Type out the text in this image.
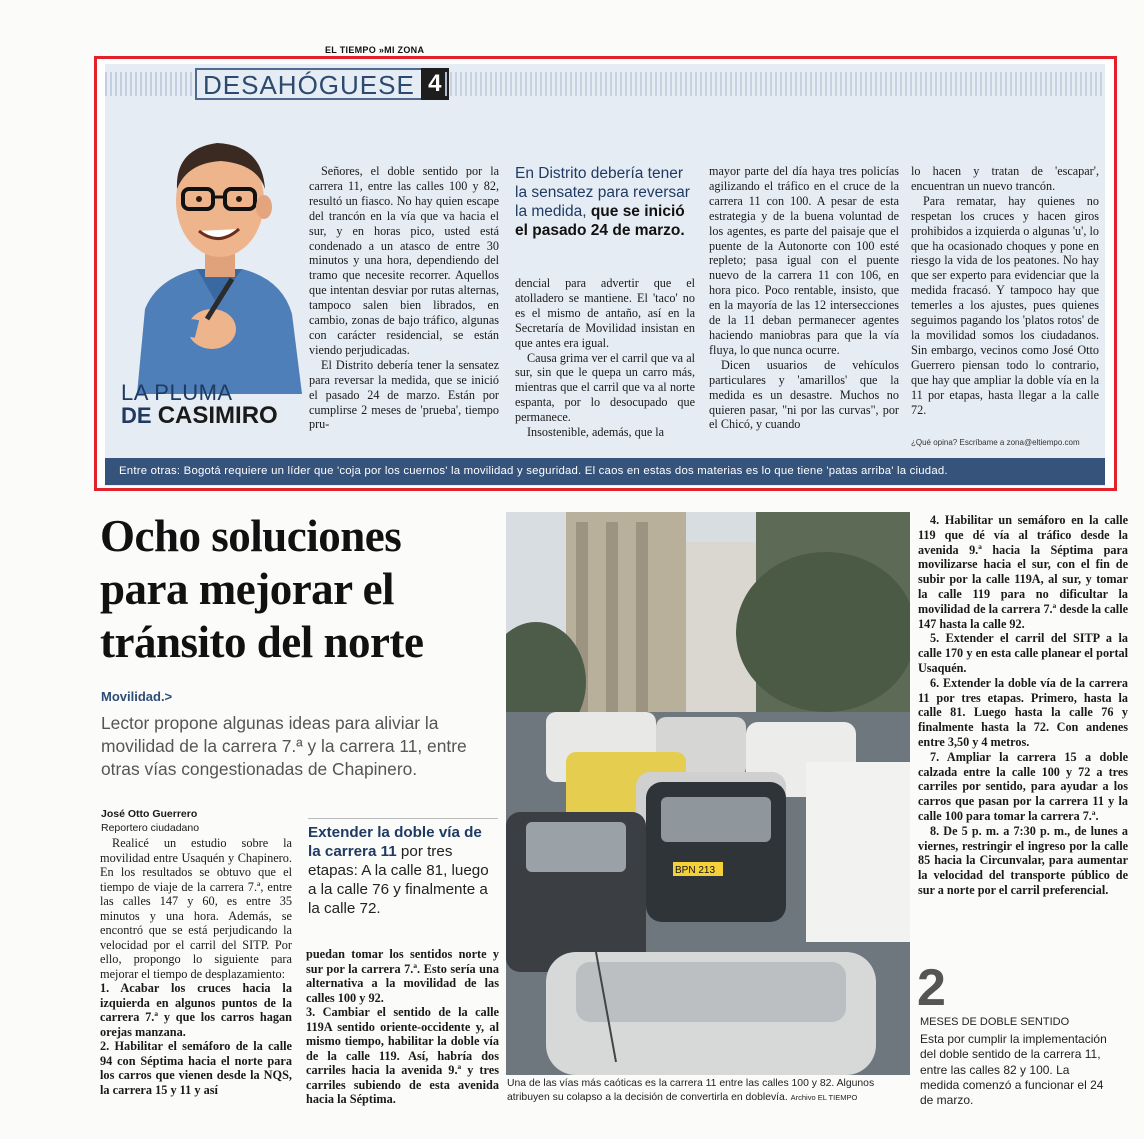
EL TIEMPO »MI ZONA
DESAHÓGUESE 4
LA PLUMA
DE CASIMIRO

Señores, el doble sentido por la carrera 11, entre las calles 100 y 82, resultó un fiasco. No hay quien escape del trancón en la vía que va hacia el sur, y en horas pico, usted está condenado a un atasco de entre 30 minutos y una hora, dependiendo del tramo que necesite recorrer. Aquellos que intentan desviar por rutas alternas, tampoco salen bien librados, en cambio, zonas de bajo tráfico, algunas con carácter residencial, se están viendo perjudicadas.

El Distrito debería tener la sensatez para reversar la medida, que se inició el pasado 24 de marzo. Están por cumplirse 2 meses de 'prueba', tiempo pru-

En Distrito debería tener la sensatez para reversar la medida, que se inició el pasado 24 de marzo.

dencial para advertir que el atolladero se mantiene. El 'taco' no es el mismo de antaño, así en la Secretaría de Movilidad insistan en que antes era igual.

Causa grima ver el carril que va al sur, sin que le quepa un carro más, mientras que el carril que va al norte espanta, por lo desocupado que permanece.

Insostenible, además, que la

mayor parte del día haya tres policías agilizando el tráfico en el cruce de la carrera 11 con 100. A pesar de esta estrategia y de la buena voluntad de los agentes, es parte del paisaje que el puente de la Autonorte con 100 esté repleto; pasa igual con el puente nuevo de la carrera 11 con 106, en hora pico. Poco rentable, insisto, que en la mayoría de las 12 intersecciones de la 11 deban permanecer agentes haciendo maniobras para que la vía fluya, lo que nunca ocurre.

Dicen usuarios de vehículos particulares y 'amarillos' que la medida es un desastre. Muchos no quieren pasar, "ni por las curvas", por el Chicó, y cuando

lo hacen y tratan de 'escapar', encuentran un nuevo trancón.

Para rematar, hay quienes no respetan los cruces y hacen giros prohibidos a izquierda o algunas 'u', lo que ha ocasionado choques y pone en riesgo la vida de los peatones. No hay que ser experto para evidenciar que la medida fracasó. Y tampoco hay que temerles a los ajustes, pues quienes seguimos pagando los 'platos rotos' de la movilidad somos los ciudadanos. Sin embargo, vecinos como José Otto Guerrero piensan todo lo contrario, que hay que ampliar la doble vía en la 11 por etapas, hasta llegar a la calle 72.

¿Qué opina? Escríbame a zona@eltiempo.com
Entre otras: Bogotá requiere un líder que 'coja por los cuernos' la movilidad y seguridad. El caos en estas dos materias es lo que tiene 'patas arriba' la ciudad.
Ocho soluciones para mejorar el tránsito del norte
Movilidad.>
Lector propone algunas ideas para aliviar la movilidad de la carrera 7.ª y la carrera 11, entre otras vías congestionadas de Chapinero.
José Otto Guerrero
Reportero ciudadano

Realicé un estudio sobre la movilidad entre Usaquén y Chapinero. En los resultados se obtuvo que el tiempo de viaje de la carrera 7.ª, entre las calles 147 y 60, es entre 35 minutos y una hora. Además, se encontró que se está perjudicando la velocidad por el carril del SITP. Por ello, propongo lo siguiente para mejorar el tiempo de desplazamiento:

1. Acabar los cruces hacia la izquierda en algunos puntos de la carrera 7.ª y que los carros hagan orejas manzana.

2. Habilitar el semáforo de la calle 94 con Séptima hacia el norte para los carros que vienen desde la NQS, la carrera 15 y 11 y así

Extender la doble vía de la carrera 11 por tres etapas: A la calle 81, luego a la calle 76 y finalmente a la calle 72.

puedan tomar los sentidos norte y sur por la carrera 7.ª. Esto sería una alternativa a la movilidad de las calles 100 y 92.

3. Cambiar el sentido de la calle 119A sentido oriente-occidente y, al mismo tiempo, habilitar la doble vía de la calle 119. Así, habría dos carriles hacia la avenida 9.ª y tres carriles subiendo de esta avenida hacia la Séptima.

BPN 213
Una de las vías más caóticas es la carrera 11 entre las calles 100 y 82. Algunos atribuyen su colapso a la decisión de convertirla en doblevía. Archivo EL TIEMPO

4. Habilitar un semáforo en la calle 119 que dé vía al tráfico desde la avenida 9.ª hacia la Séptima para movilizarse hacia el sur, con el fin de subir por la calle 119A, al sur, y tomar la calle 119 para no dificultar la movilidad de la carrera 7.ª desde la calle 147 hasta la calle 92.

5. Extender el carril del SITP a la calle 170 y en esta calle planear el portal Usaquén.

6. Extender la doble vía de la carrera 11 por tres etapas. Primero, hasta la calle 81. Luego hasta la calle 76 y finalmente hasta la 72. Con andenes entre 3,50 y 4 metros.

7. Ampliar la carrera 15 a doble calzada entre la calle 100 y 72 a tres carriles por sentido, para ayudar a los carros que pasan por la carrera 11 y la calle 100 para tomar la carrera 7.ª.

8. De 5 p. m. a 7:30 p. m., de lunes a viernes, restringir el ingreso por la calle 85 hacia la Circunvalar, para aumentar la velocidad del transporte público de sur a norte por el carril preferencial.

2
MESES DE DOBLE SENTIDO
Esta por cumplir la implementación del doble sentido de la carrera 11, entre las calles 82 y 100. La medida comenzó a funcionar el 24 de marzo.
